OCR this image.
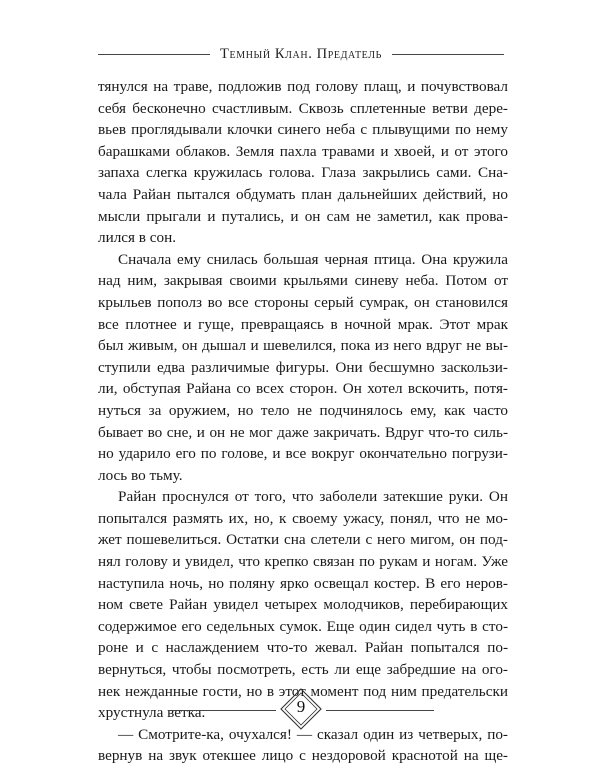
Темный Клан. Предатель

тянулся на траве, подложив под голову плащ, и почувствовал
себя бесконечно счастливым. Сквозь сплетенные ветви дере-
вьев проглядывали клочки синего неба с плывущими по нему
барашками облаков. Земля пахла травами и хвоей, и от этого
запаха слегка кружилась голова. Глаза закрылись сами. Сна-
чала Райан пытался обдумать план дальнейших действий, но
мысли прыгали и путались, и он сам не заметил, как прова-
лился в сон.

Сначала ему снилась большая черная птица. Она кружила
над ним, закрывая своими крыльями синеву неба. Потом от
крыльев пополз во все стороны серый сумрак, он становился
все плотнее и гуще, превращаясь в ночной мрак. Этот мрак
был живым, он дышал и шевелился, пока из него вдруг не вы-
ступили едва различимые фигуры. Они бесшумно заскользи-
ли, обступая Райана со всех сторон. Он хотел вскочить, потя-
нуться за оружием, но тело не подчинялось ему, как часто
бывает во сне, и он не мог даже закричать. Вдруг что-то силь-
но ударило его по голове, и все вокруг окончательно погрузи-
лось во тьму.

Райан проснулся от того, что заболели затекшие руки. Он
попытался размять их, но, к своему ужасу, понял, что не мо-
жет пошевелиться. Остатки сна слетели с него мигом, он под-
нял голову и увидел, что крепко связан по рукам и ногам. Уже
наступила ночь, но поляну ярко освещал костер. В его неров-
ном свете Райан увидел четырех молодчиков, перебирающих
содержимое его седельных сумок. Еще один сидел чуть в сто-
роне и с наслаждением что-то жевал. Райан попытался по-
вернуться, чтобы посмотреть, есть ли еще забредшие на ого-
нек нежданные гости, но в этот момент под ним предательски
хрустнула ветка.

— Смотрите-ка, очухался! — сказал один из четверых, по-
вернув на звук отекшее лицо с нездоровой краснотой на ще-

9
